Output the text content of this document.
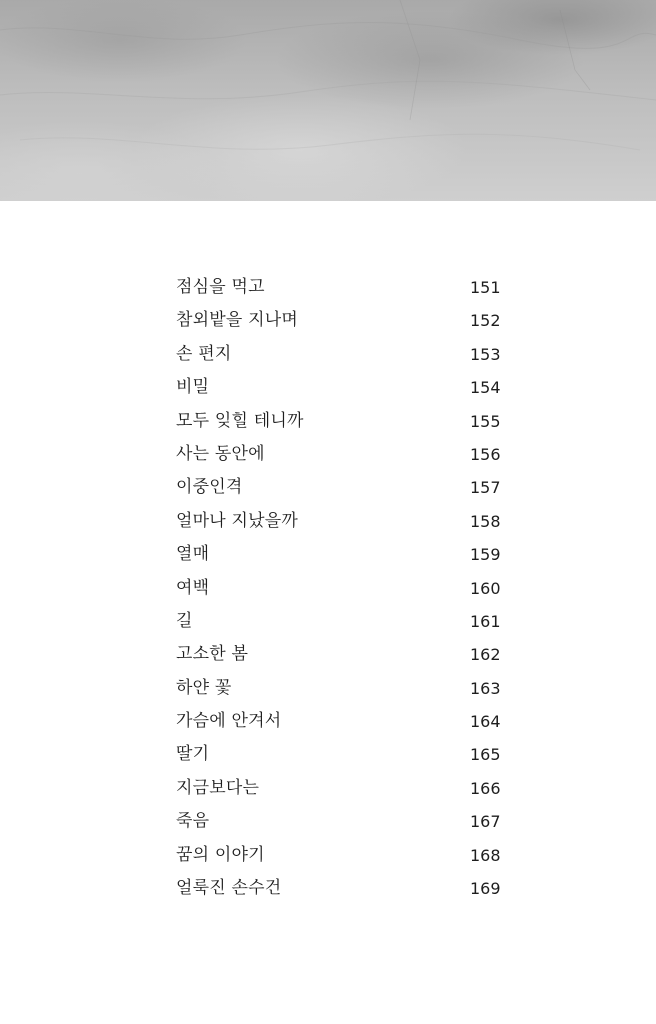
점심을 먹고	151
참외밭을 지나며	152
손 편지	153
비밀	154
모두 잊힐 테니까	155
사는 동안에	156
이중인격	157
얼마나 지났을까	158
열매	159
여백	160
길	161
고소한 봄	162
하얀 꽃	163
가슴에 안겨서	164
딸기	165
지금보다는	166
죽음	167
꿈의 이야기	168
얼룩진 손수건	169
